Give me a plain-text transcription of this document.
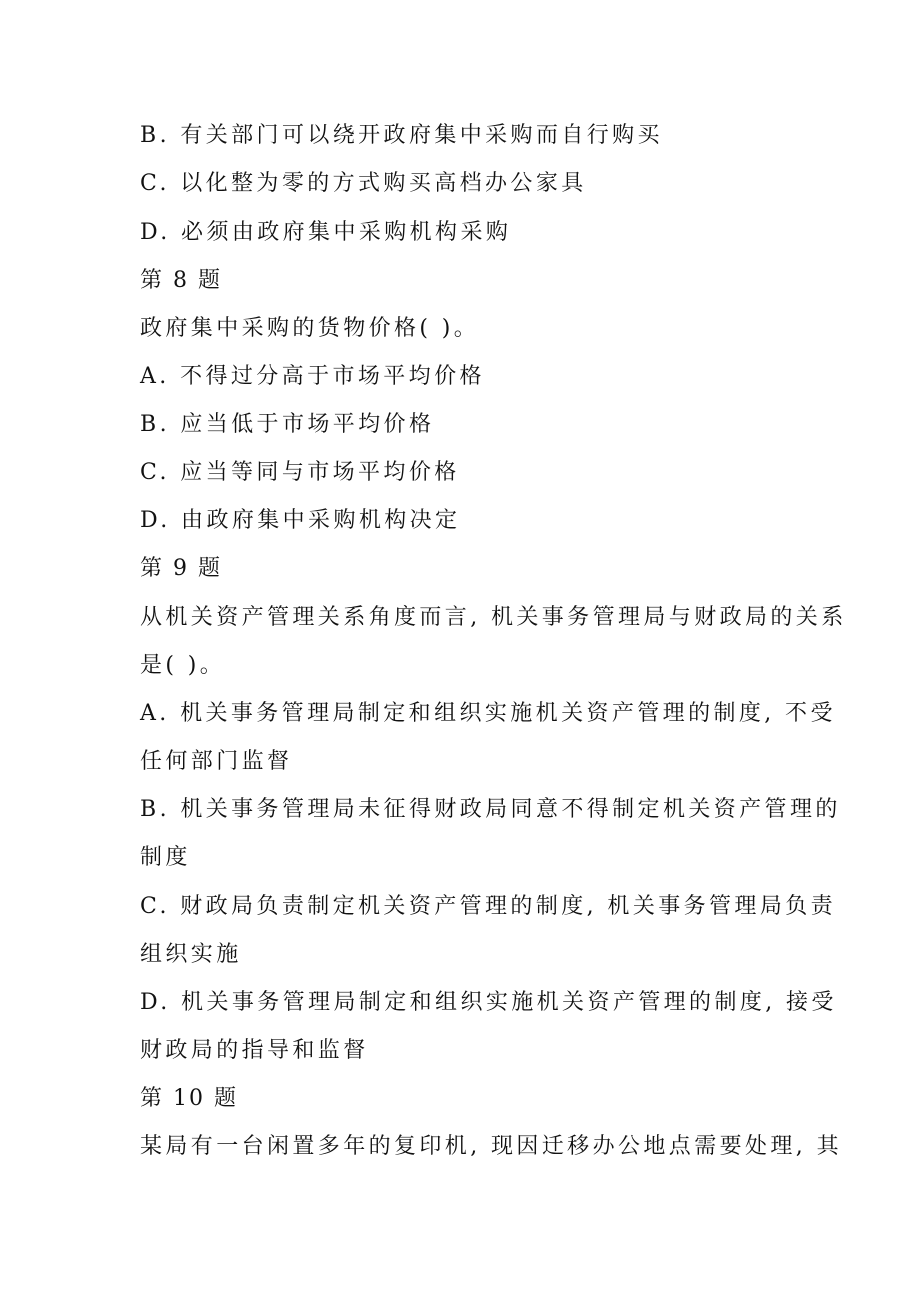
B. 有关部门可以绕开政府集中采购而自行购买
C. 以化整为零的方式购买高档办公家具
D. 必须由政府集中采购机构采购
第 8 题
政府集中采购的货物价格( )。
A. 不得过分高于市场平均价格
B. 应当低于市场平均价格
C. 应当等同与市场平均价格
D. 由政府集中采购机构决定
第 9 题
从机关资产管理关系角度而言, 机关事务管理局与财政局的关系
是( )。
A. 机关事务管理局制定和组织实施机关资产管理的制度, 不受
任何部门监督
B. 机关事务管理局未征得财政局同意不得制定机关资产管理的
制度
C. 财政局负责制定机关资产管理的制度, 机关事务管理局负责
组织实施
D. 机关事务管理局制定和组织实施机关资产管理的制度, 接受
财政局的指导和监督
第 10 题
某局有一台闲置多年的复印机, 现因迁移办公地点需要处理, 其
